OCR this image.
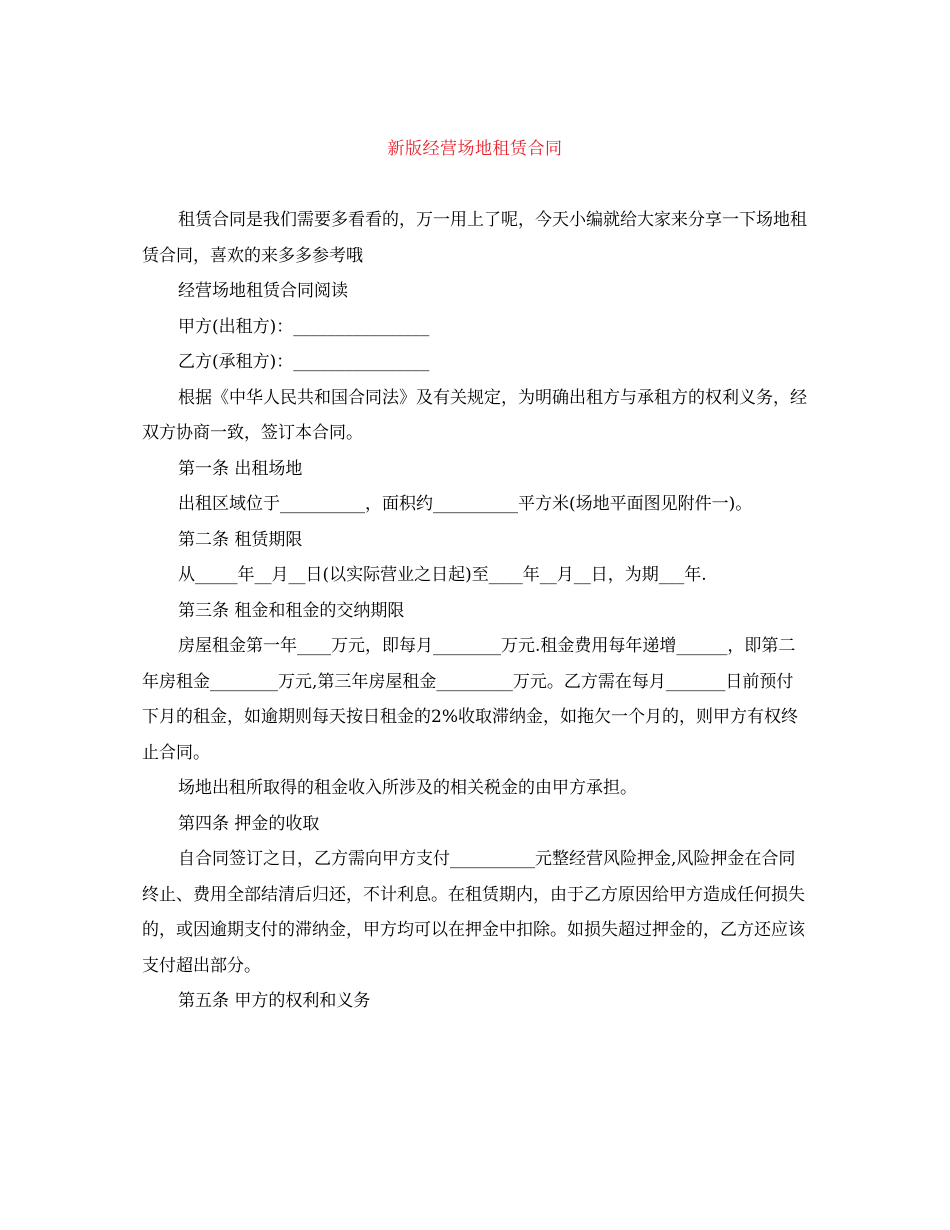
新版经营场地租赁合同

租赁合同是我们需要多看看的，万一用上了呢，今天小编就给大家来分享一下场地租赁合同，喜欢的来多多参考哦

经营场地租赁合同阅读

甲方(出租方)：________________

乙方(承租方)：________________

根据《中华人民共和国合同法》及有关规定，为明确出租方与承租方的权利义务，经双方协商一致，签订本合同。

第一条 出租场地

出租区域位于__________，面积约__________平方米(场地平面图见附件一)。

第二条 租赁期限

从_____年__月__日(以实际营业之日起)至____年__月__日，为期___年.

第三条 租金和租金的交纳期限

房屋租金第一年____万元，即每月________万元.租金费用每年递增______，即第二年房租金________万元,第三年房屋租金_________万元。乙方需在每月_______日前预付下月的租金，如逾期则每天按日租金的2%收取滞纳金，如拖欠一个月的，则甲方有权终止合同。

场地出租所取得的租金收入所涉及的相关税金的由甲方承担。

第四条 押金的收取

自合同签订之日，乙方需向甲方支付__________元整经营风险押金,风险押金在合同终止、费用全部结清后归还，不计利息。在租赁期内，由于乙方原因给甲方造成任何损失的，或因逾期支付的滞纳金，甲方均可以在押金中扣除。如损失超过押金的，乙方还应该支付超出部分。

第五条 甲方的权利和义务
